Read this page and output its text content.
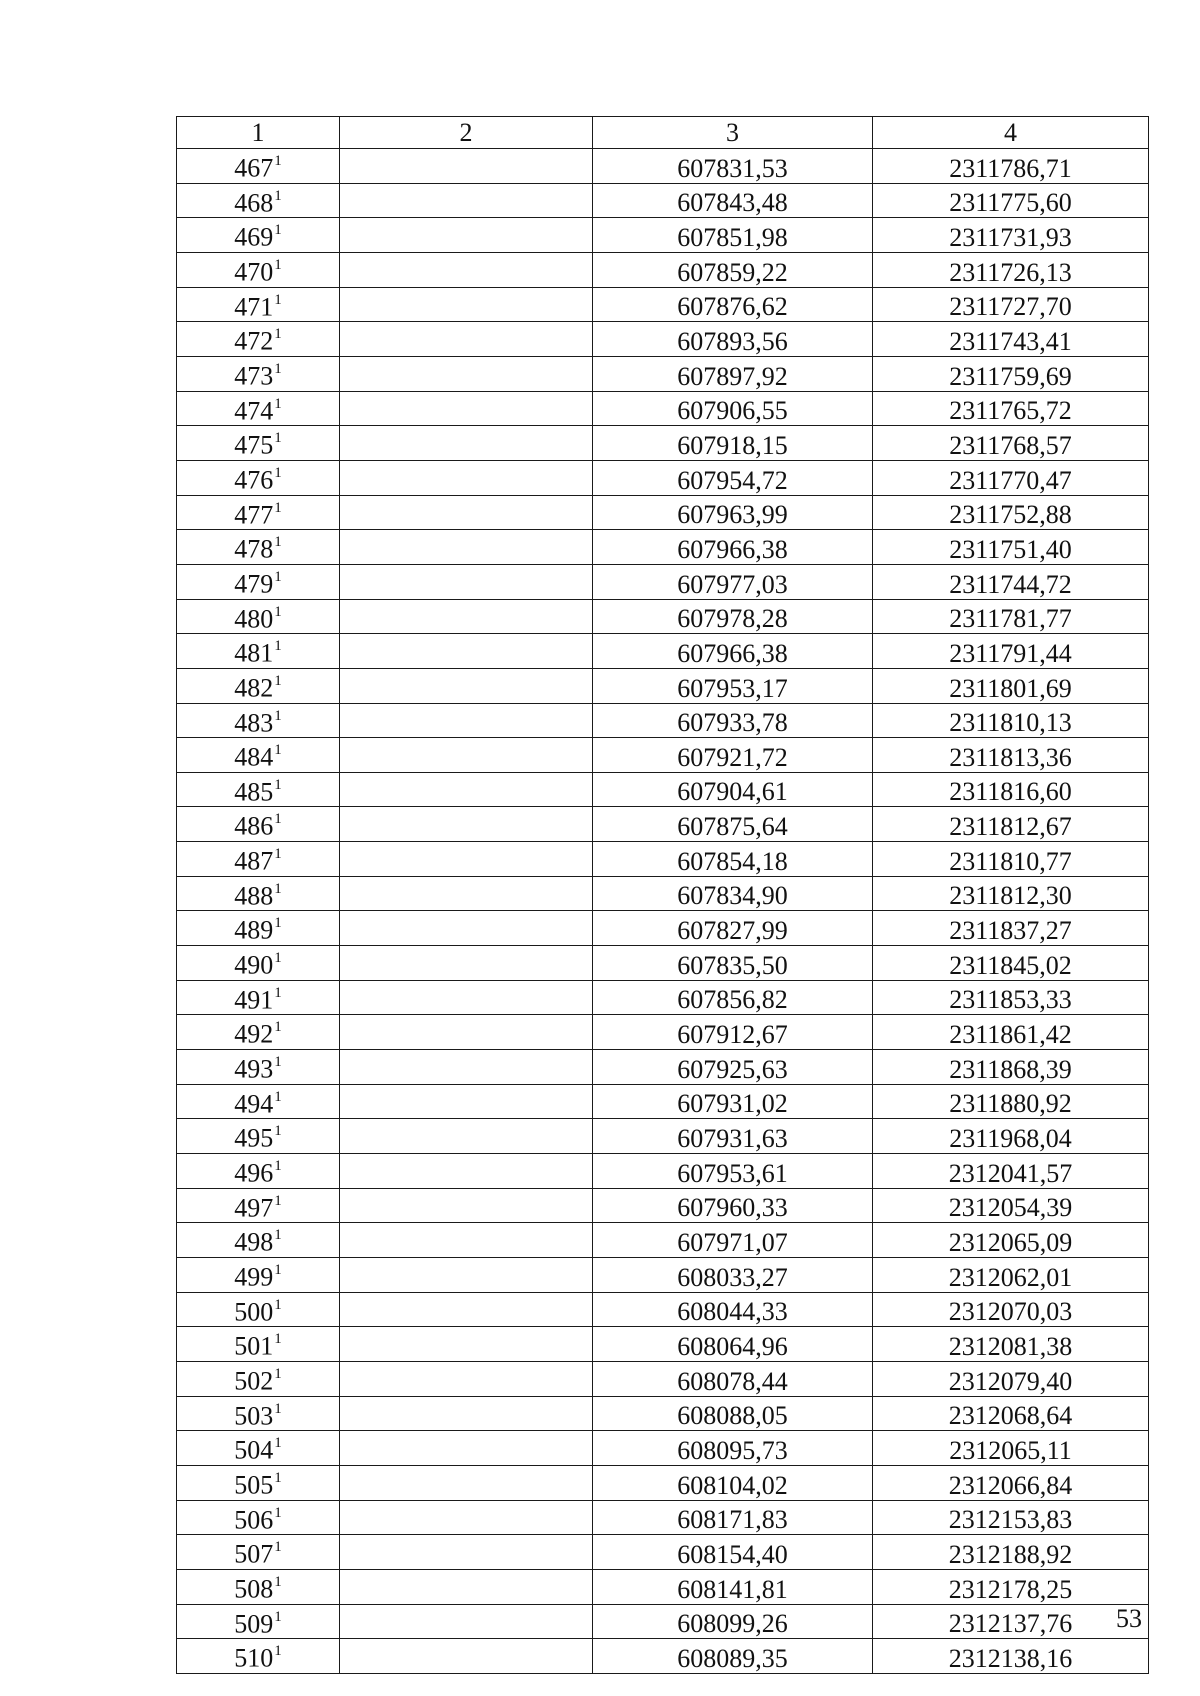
1	2	3	4
$467^1$		607831,53	2311786,71
$468^1$		607843,48	2311775,60
$469^1$		607851,98	2311731,93
$470^1$		607859,22	2311726,13
$471^1$		607876,62	2311727,70
$472^1$		607893,56	2311743,41
$473^1$		607897,92	2311759,69
$474^1$		607906,55	2311765,72
$475^1$		607918,15	2311768,57
$476^1$		607954,72	2311770,47
$477^1$		607963,99	2311752,88
$478^1$		607966,38	2311751,40
$479^1$		607977,03	2311744,72
$480^1$		607978,28	2311781,77
$481^1$		607966,38	2311791,44
$482^1$		607953,17	2311801,69
$483^1$		607933,78	2311810,13
$484^1$		607921,72	2311813,36
$485^1$		607904,61	2311816,60
$486^1$		607875,64	2311812,67
$487^1$		607854,18	2311810,77
$488^1$		607834,90	2311812,30
$489^1$		607827,99	2311837,27
$490^1$		607835,50	2311845,02
$491^1$		607856,82	2311853,33
$492^1$		607912,67	2311861,42
$493^1$		607925,63	2311868,39
$494^1$		607931,02	2311880,92
$495^1$		607931,63	2311968,04
$496^1$		607953,61	2312041,57
$497^1$		607960,33	2312054,39
$498^1$		607971,07	2312065,09
$499^1$		608033,27	2312062,01
$500^1$		608044,33	2312070,03
$501^1$		608064,96	2312081,38
$502^1$		608078,44	2312079,40
$503^1$		608088,05	2312068,64
$504^1$		608095,73	2312065,11
$505^1$		608104,02	2312066,84
$506^1$		608171,83	2312153,83
$507^1$		608154,40	2312188,92
$508^1$		608141,81	2312178,25
$509^1$		608099,26	2312137,76
$510^1$		608089,35	2312138,16
53
